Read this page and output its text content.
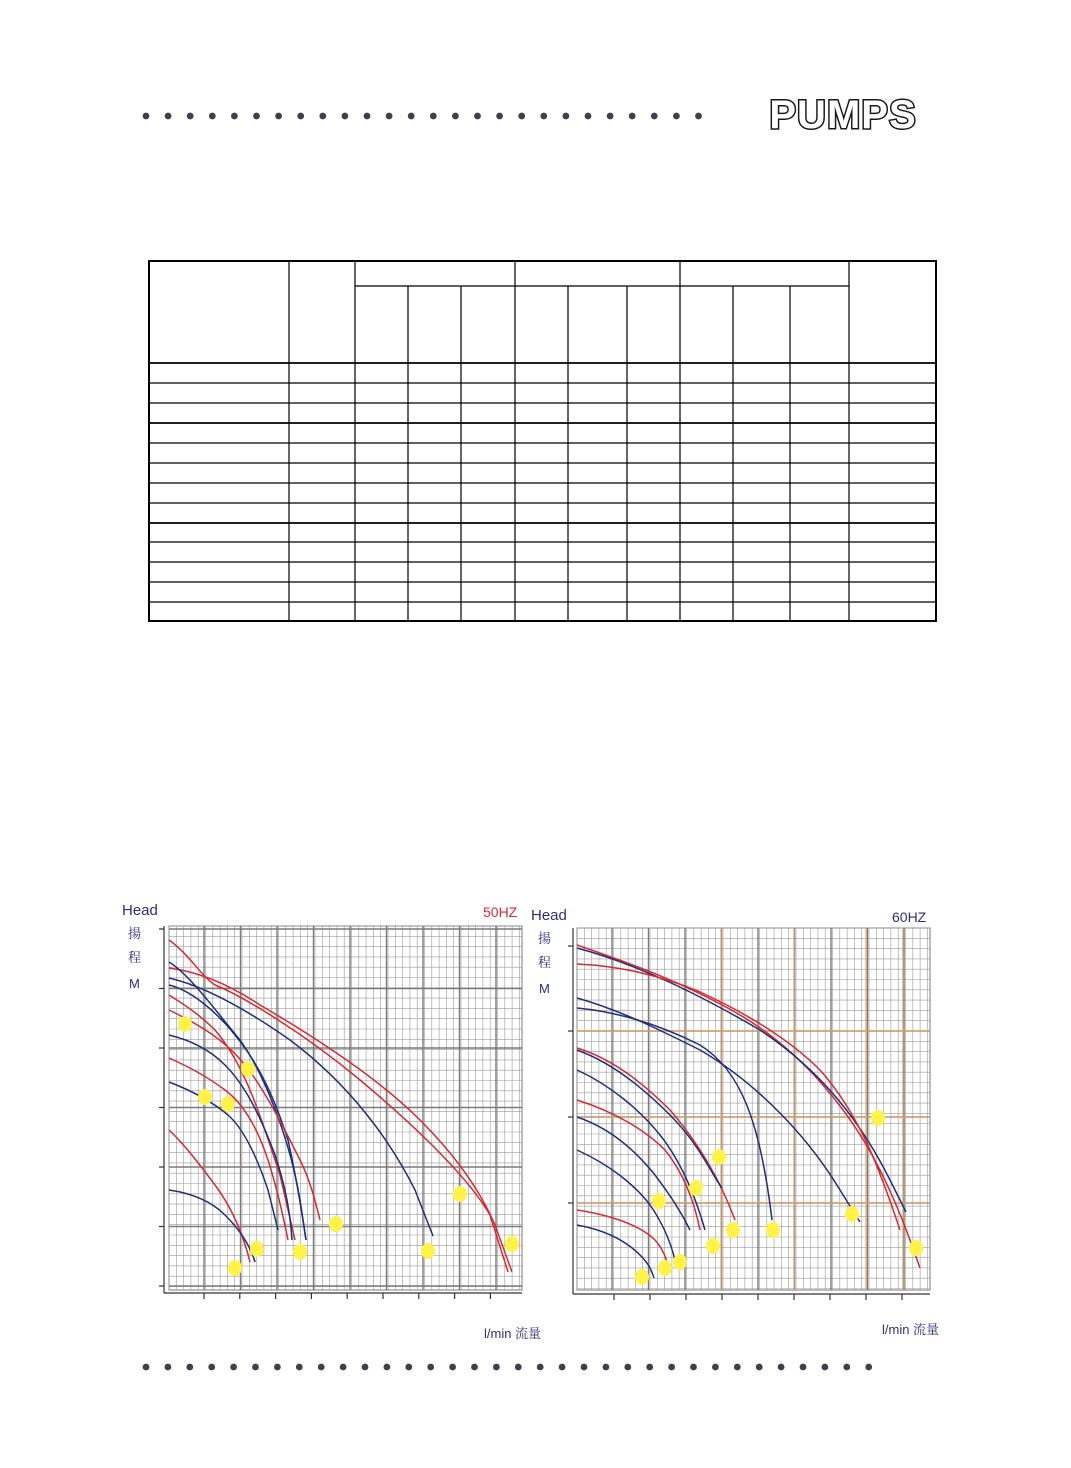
PUMPS
Head
揚
程
M
50HZ
l/min 流量
Head
揚
程
M
60HZ
l/min 流量
